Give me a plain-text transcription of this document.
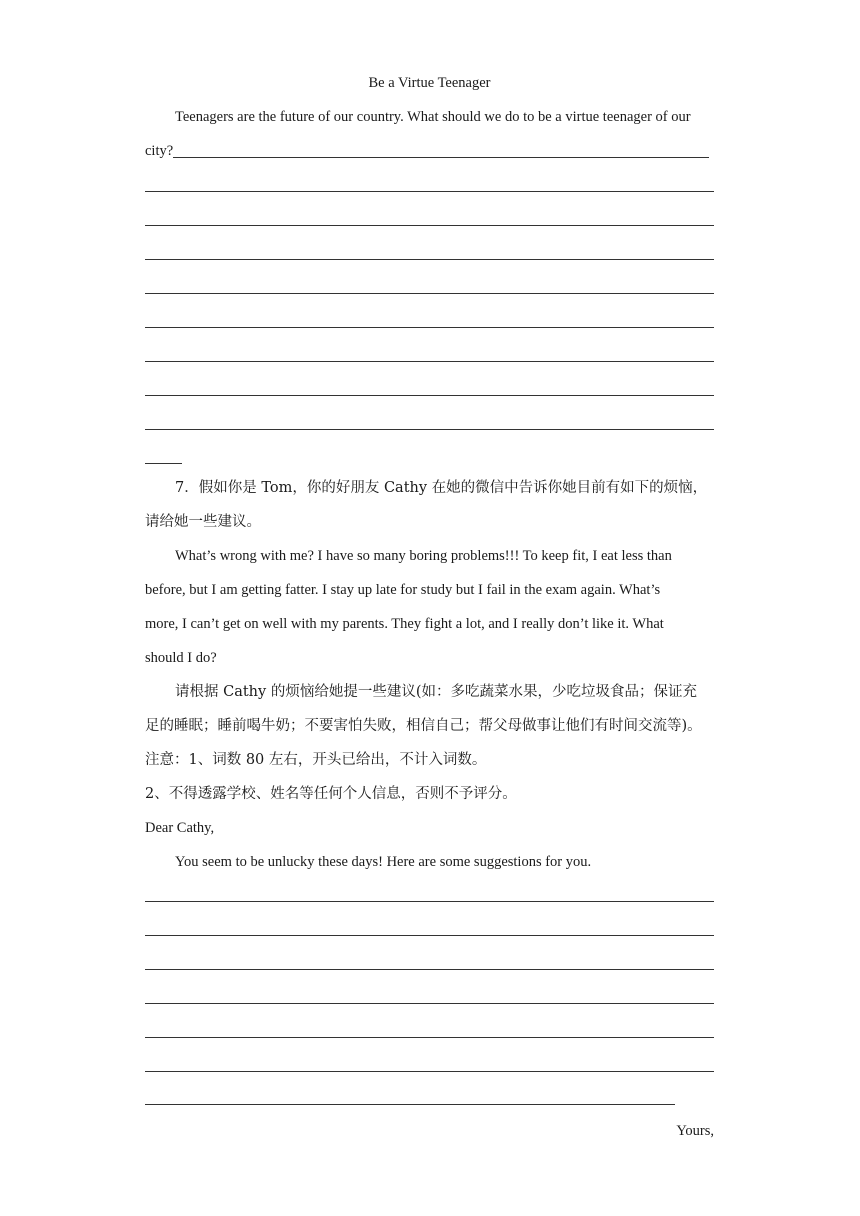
Be a Virtue Teenager
Teenagers are the future of our country. What should we do to be a virtue teenager of our
city?
7．假如你是 Tom，你的好朋友 Cathy 在她的微信中告诉你她目前有如下的烦恼，
请给她一些建议。
What’s wrong with me? I have so many boring problems!!! To keep fit, I eat less than
before, but I am getting fatter. I stay up late for study but I fail in the exam again. What’s
more, I can’t get on well with my parents. They fight a lot, and I really don’t like it. What
should I do?
请根据 Cathy 的烦恼给她提一些建议(如：多吃蔬菜水果，少吃垃圾食品；保证充
足的睡眠；睡前喝牛奶；不要害怕失败，相信自己；帮父母做事让他们有时间交流等)。
注意：1、词数 80 左右，开头已给出，不计入词数。
2、不得透露学校、姓名等任何个人信息，否则不予评分。
Dear Cathy,
You seem to be unlucky these days! Here are some suggestions for you.
Yours,
